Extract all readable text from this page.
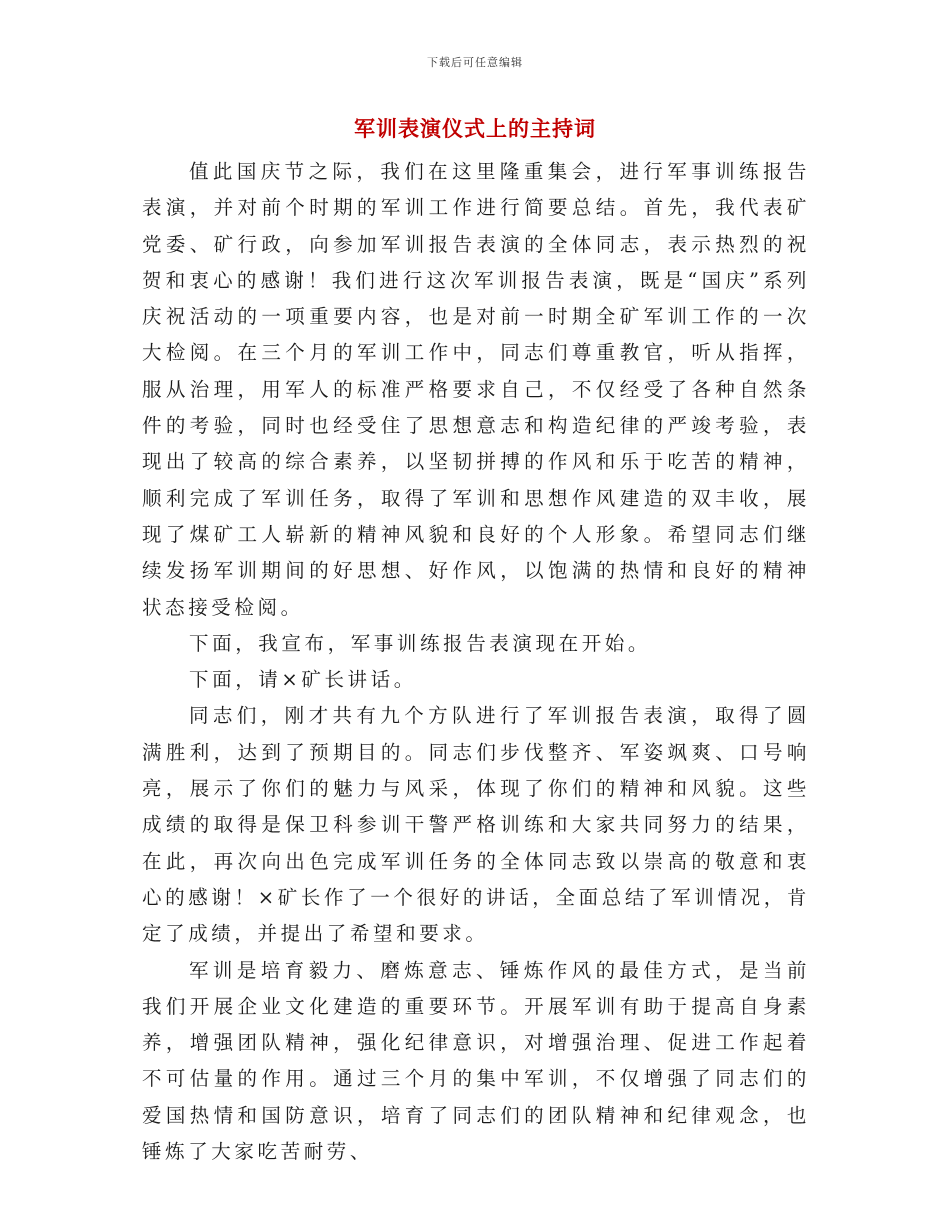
下载后可任意编辑
军训表演仪式上的主持词

值此国庆节之际，我们在这里隆重集会，进行军事训练报告表演，并对前个时期的军训工作进行简要总结。首先，我代表矿党委、矿行政，向参加军训报告表演的全体同志，表示热烈的祝贺和衷心的感谢！我们进行这次军训报告表演，既是“国庆”系列庆祝活动的一项重要内容，也是对前一时期全矿军训工作的一次大检阅。在三个月的军训工作中，同志们尊重教官，听从指挥，服从治理，用军人的标准严格要求自己，不仅经受了各种自然条件的考验，同时也经受住了思想意志和构造纪律的严竣考验，表现出了较高的综合素养，以坚韧拼搏的作风和乐于吃苦的精神，顺利完成了军训任务，取得了军训和思想作风建造的双丰收，展现了煤矿工人崭新的精神风貌和良好的个人形象。希望同志们继续发扬军训期间的好思想、好作风，以饱满的热情和良好的精神状态接受检阅。

下面，我宣布，军事训练报告表演现在开始。

下面，请×矿长讲话。

同志们，刚才共有九个方队进行了军训报告表演，取得了圆满胜利，达到了预期目的。同志们步伐整齐、军姿飒爽、口号响亮，展示了你们的魅力与风采，体现了你们的精神和风貌。这些成绩的取得是保卫科参训干警严格训练和大家共同努力的结果，在此，再次向出色完成军训任务的全体同志致以崇高的敬意和衷心的感谢！×矿长作了一个很好的讲话，全面总结了军训情况，肯定了成绩，并提出了希望和要求。

军训是培育毅力、磨炼意志、锤炼作风的最佳方式，是当前我们开展企业文化建造的重要环节。开展军训有助于提高自身素养，增强团队精神，强化纪律意识，对增强治理、促进工作起着不可估量的作用。通过三个月的集中军训，不仅增强了同志们的爱国热情和国防意识，培育了同志们的团队精神和纪律观念，也锤炼了大家吃苦耐劳、
